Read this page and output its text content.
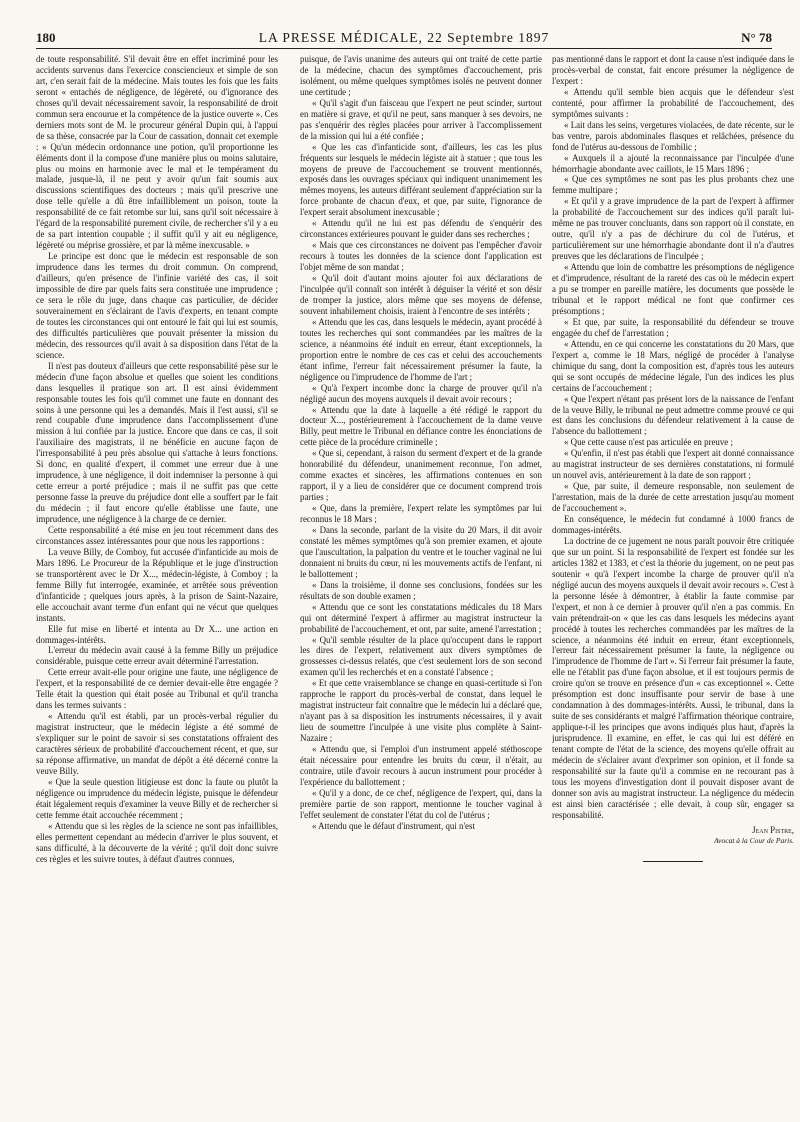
180	LA PRESSE MÉDICALE, 22 Septembre 1897	N° 78

de toute responsabilité. S'il devait être en effet incriminé pour les accidents survenus dans l'exercice consciencieux et simple de son art, c'en serait fait de la médecine. Mais toutes les fois que les faits seront « entachés de négligence, de légèreté, ou d'ignorance des choses qu'il devait nécessairement savoir, la responsabilité de droit commun sera encourue et la compétence de la justice ouverte ». Ces derniers mots sont de M. le procureur général Dupin qui, à l'appui de sa thèse, consacrée par la Cour de cassation, donnait cet exemple : « Qu'un médecin ordonnance une potion, qu'il proportionne les éléments dont il la compose d'une manière plus ou moins salutaire, plus ou moins en harmonie avec le mal et le tempérament du malade, jusque-là, il ne peut y avoir qu'un fait soumis aux discussions scientifiques des docteurs ; mais qu'il prescrive une dose telle qu'elle a dû être infailliblement un poison, toute la responsabilité de ce fait retombe sur lui, sans qu'il soit nécessaire à l'égard de la responsabilité purement civile, de rechercher s'il y a eu de sa part intention coupable ; il suffit qu'il y ait eu négligence, légèreté ou méprise grossière, et par là même inexcusable. »

Le principe est donc que le médecin est responsable de son imprudence dans les termes du droit commun. On comprend, d'ailleurs, qu'en présence de l'infinie variété des cas, il soit impossible de dire par quels faits sera constituée une imprudence ; ce sera le rôle du juge, dans chaque cas particulier, de décider souverainement en s'éclairant de l'avis d'experts, en tenant compte de toutes les circonstances qui ont entouré le fait qui lui est soumis, des difficultés particulières que pouvait présenter la mission du médecin, des ressources qu'il avait à sa disposition dans l'état de la science.

Il n'est pas douteux d'ailleurs que cette responsabilité pèse sur le médecin d'une façon absolue et quelles que soient les conditions dans lesquelles il pratique son art. Il est ainsi évidemment responsable toutes les fois qu'il commet une faute en donnant des soins à une personne qui les a demandés. Mais il l'est aussi, s'il se rend coupable d'une imprudence dans l'accomplissement d'une mission à lui confiée par la justice. Encore que dans ce cas, il soit l'auxiliaire des magistrats, il ne bénéficie en aucune façon de l'irresponsabilité à peu près absolue qui s'attache à leurs fonctions. Si donc, en qualité d'expert, il commet une erreur due à une imprudence, à une négligence, il doit indemniser la personne à qui cette erreur a porté préjudice ; mais il ne suffit pas que cette personne fasse la preuve du préjudice dont elle a souffert par le fait du médecin ; il faut encore qu'elle établisse une faute, une imprudence, une négligence à la charge de ce dernier.

Cette responsabilité a été mise en jeu tout récemment dans des circonstances assez intéressantes pour que nous les rapportions :

La veuve Billy, de Comboy, fut accusée d'infanticide au mois de Mars 1896. Le Procureur de la République et le juge d'instruction se transportèrent avec le Dr X..., médecin-légiste, à Comboy ; la femme Billy fut interrogée, examinée, et arrêtée sous prévention d'infanticide ; quelques jours après, à la prison de Saint-Nazaire, elle accouchait avant terme d'un enfant qui ne vécut que quelques instants.

Elle fut mise en liberté et intenta au Dr X... une action en dommages-intérêts.

L'erreur du médecin avait causé à la femme Billy un préjudice considérable, puisque cette erreur avait déterminé l'arrestation.

Cette erreur avait-elle pour origine une faute, une négligence de l'expert, et la responsabilité de ce dernier devait-elle être engagée ? Telle était la question qui était posée au Tribunal et qu'il trancha dans les termes suivants :

« Attendu qu'il est établi, par un procès-verbal régulier du magistrat instructeur, que le médecin légiste a été sommé de s'expliquer sur le point de savoir si ses constatations offraient des caractères sérieux de probabilité d'accouchement récent, et que, sur sa réponse affirmative, un mandat de dépôt a été décerné contre la veuve Billy.

« Que la seule question litigieuse est donc la faute ou plutôt la négligence ou imprudence du médecin légiste, puisque le défendeur était légalement requis d'examiner la veuve Billy et de rechercher si cette femme était accouchée récemment ;

« Attendu que si les règles de la science ne sont pas infaillibles, elles permettent cependant au médecin d'arriver le plus souvent, et sans difficulté, à la découverte de la vérité ; qu'il doit donc suivre ces règles et les suivre toutes, à défaut d'autres connues,

puisque, de l'avis unanime des auteurs qui ont traité de cette partie de la médecine, chacun des symptômes d'accouchement, pris isolément, ou même quelques symptômes isolés ne peuvent donner une certitude ;

« Qu'il s'agit d'un faisceau que l'expert ne peut scinder, surtout en matière si grave, et qu'il ne peut, sans manquer à ses devoirs, ne pas s'enquérir des règles placées pour arriver à l'accomplissement de la mission qui lui a été confiée ;

« Que les cas d'infanticide sont, d'ailleurs, les cas les plus fréquents sur lesquels le médecin légiste ait à statuer ; que tous les moyens de preuve de l'accouchement se trouvent mentionnés, exposés dans les ouvrages spéciaux qui indiquent unanimement les mêmes moyens, les auteurs différant seulement d'appréciation sur la force probante de chacun d'eux, et que, par suite, l'ignorance de l'expert serait absolument inexcusable ;

« Attendu qu'il ne lui est pas défendu de s'enquérir des circonstances extérieures pouvant le guider dans ses recherches ;

« Mais que ces circonstances ne doivent pas l'empêcher d'avoir recours à toutes les données de la science dont l'application est l'objet même de son mandat ;

« Qu'il doit d'autant moins ajouter foi aux déclarations de l'inculpée qu'il connaît son intérêt à déguiser la vérité et son désir de tromper la justice, alors même que ses moyens de défense, souvent inhabilement choisis, iraient à l'encontre de ses intérêts ;

« Attendu que les cas, dans lesquels le médecin, ayant procédé à toutes les recherches qui sont commandées par les maîtres de la science, a néanmoins été induit en erreur, étant exceptionnels, la proportion entre le nombre de ces cas et celui des accouchements étant infime, l'erreur fait nécessairement présumer la faute, la négligence ou l'imprudence de l'homme de l'art ;

« Qu'à l'expert incombe donc la charge de prouver qu'il n'a négligé aucun des moyens auxquels il devait avoir recours ;

« Attendu que la date à laquelle a été rédigé le rapport du docteur X..., postérieurement à l'accouchement de la dame veuve Billy, peut mettre le Tribunal en défiance contre les énonciations de cette pièce de la procédure criminelle ;

« Que si, cependant, à raison du serment d'expert et de la grande honorabilité du défendeur, unanimement reconnue, l'on admet, comme exactes et sincères, les affirmations contenues en son rapport, il y a lieu de considérer que ce document comprend trois parties ;

« Que, dans la première, l'expert relate les symptômes par lui reconnus le 18 Mars ;

« Dans la seconde, parlant de la visite du 20 Mars, il dit avoir constaté les mêmes symptômes qu'à son premier examen, et ajoute que l'auscultation, la palpation du ventre et le toucher vaginal ne lui donnaient ni bruits du cœur, ni les mouvements actifs de l'enfant, ni le ballottement ;

« Dans la troisième, il donne ses conclusions, fondées sur les résultats de son double examen ;

« Attendu que ce sont les constatations médicales du 18 Mars qui ont déterminé l'expert à affirmer au magistrat instructeur la probabilité de l'accouchement, et ont, par suite, amené l'arrestation ;

« Qu'il semble résulter de la place qu'occupent dans le rapport les dires de l'expert, relativement aux divers symptômes de grossesses ci-dessus relatés, que c'est seulement lors de son second examen qu'il les recherchés et en a constaté l'absence ;

« Et que cette vraisemblance se change en quasi-certitude si l'on rapproche le rapport du procès-verbal de constat, dans lequel le magistrat instructeur fait connaître que le médecin lui a déclaré que, n'ayant pas à sa disposition les instruments nécessaires, il y avait lieu de soumettre l'inculpée à une visite plus complète à Saint-Nazaire ;

« Attendu que, si l'emploi d'un instrument appelé stéthoscope était nécessaire pour entendre les bruits du cœur, il n'était, au contraire, utile d'avoir recours à aucun instrument pour procéder à l'expérience du ballottement ;

« Qu'il y a donc, de ce chef, négligence de l'expert, qui, dans la première partie de son rapport, mentionne le toucher vaginal à l'effet seulement de constater l'état du col de l'utérus ;

« Attendu que le défaut d'instrument, qui n'est

pas mentionné dans le rapport et dont la cause n'est indiquée dans le procès-verbal de constat, fait encore présumer la négligence de l'expert :

« Attendu qu'il semble bien acquis que le défendeur s'est contenté, pour affirmer la probabilité de l'accouchement, des symptômes suivants :

« Lait dans les seins, vergetures violacées, de date récente, sur le bas ventre, parois abdominales flasques et relâchées, présence du fond de l'utérus au-dessous de l'ombilic ;

« Auxquels il a ajouté la reconnaissance par l'inculpée d'une hémorrhagie abondante avec caillots, le 15 Mars 1896 ;

« Que ces symptômes ne sont pas les plus probants chez une femme multipare ;

« Et qu'il y a grave imprudence de la part de l'expert à affirmer la probabilité de l'accouchement sur des indices qu'il paraît lui-même ne pas trouver concluants, dans son rapport où il constate, en outre, qu'il n'y a pas de déchirure du col de l'utérus, et particulièrement sur une hémorrhagie abondante dont il n'a d'autres preuves que les déclarations de l'inculpée ;

« Attendu que loin de combattre les présomptions de négligence et d'imprudence, résultant de la rareté des cas où le médecin expert a pu se tromper en pareille matière, les documents que possède le tribunal et le rapport médical ne font que confirmer ces présomptions ;

« Et que, par suite, la responsabilité du défendeur se trouve engagée du chef de l'arrestation ;

« Attendu, en ce qui concerne les constatations du 20 Mars, que l'expert a, comme le 18 Mars, négligé de procéder à l'analyse chimique du sang, dont la composition est, d'après tous les auteurs qui se sont occupés de médecine légale, l'un des indices les plus certains de l'accouchement ;

« Que l'expert n'étant pas présent lors de la naissance de l'enfant de la veuve Billy, le tribunal ne peut admettre comme prouvé ce qui est dans les conclusions du défendeur relativement à la cause de l'absence du ballottement ;

« Que cette cause n'est pas articulée en preuve ;

« Qu'enfin, il n'est pas établi que l'expert ait donné connaissance au magistrat instructeur de ses dernières constatations, ni formulé un nouvel avis, antérieurement à la date de son rapport ;

« Que, par suite, il demeure responsable, non seulement de l'arrestation, mais de la durée de cette arrestation jusqu'au moment de l'accouchement ».

En conséquence, le médecin fut condamné à 1000 francs de dommages-intérêts.

La doctrine de ce jugement ne nous paraît pouvoir être critiquée que sur un point. Si la responsabilité de l'expert est fondée sur les articles 1382 et 1383, et c'est la théorie du jugement, on ne peut pas soutenir « qu'à l'expert incombe la charge de prouver qu'il n'a négligé aucun des moyens auxquels il devait avoir recours ». C'est à la personne lésée à démontrer, à établir la faute commise par l'expert, et non à ce dernier à prouver qu'il n'en a pas commis. En vain prétendrait-on « que les cas dans lesquels les médecins ayant procédé à toutes les recherches commandées par les maîtres de la science, a néanmoins été induit en erreur, étant exceptionnels, l'erreur fait nécessairement présumer la faute, la négligence ou l'imprudence de l'homme de l'art ». Si l'erreur fait présumer la faute, elle ne l'établit pas d'une façon absolue, et il est toujours permis de croire qu'on se trouve en présence d'un « cas exceptionnel ». Cette présomption est donc insuffisante pour servir de base à une condamnation à des dommages-intérêts. Aussi, le tribunal, dans la suite de ses considérants et malgré l'affirmation théorique contraire, applique-t-il les principes que avons indiqués plus haut, d'après la jurisprudence. Il examine, en effet, le cas qui lui est déféré en tenant compte de l'état de la science, des moyens qu'elle offrait au médecin de s'éclairer avant d'exprimer son opinion, et il fonde sa responsabilité sur la faute qu'il a commise en ne recourant pas à tous les moyens d'investigation dont il pouvait disposer avant de donner son avis au magistrat instructeur. La négligence du médecin est ainsi bien caractérisée ; elle devait, à coup sûr, engager sa responsabilité.

Jean Pistre,
Avocat à la Cour de Paris.
